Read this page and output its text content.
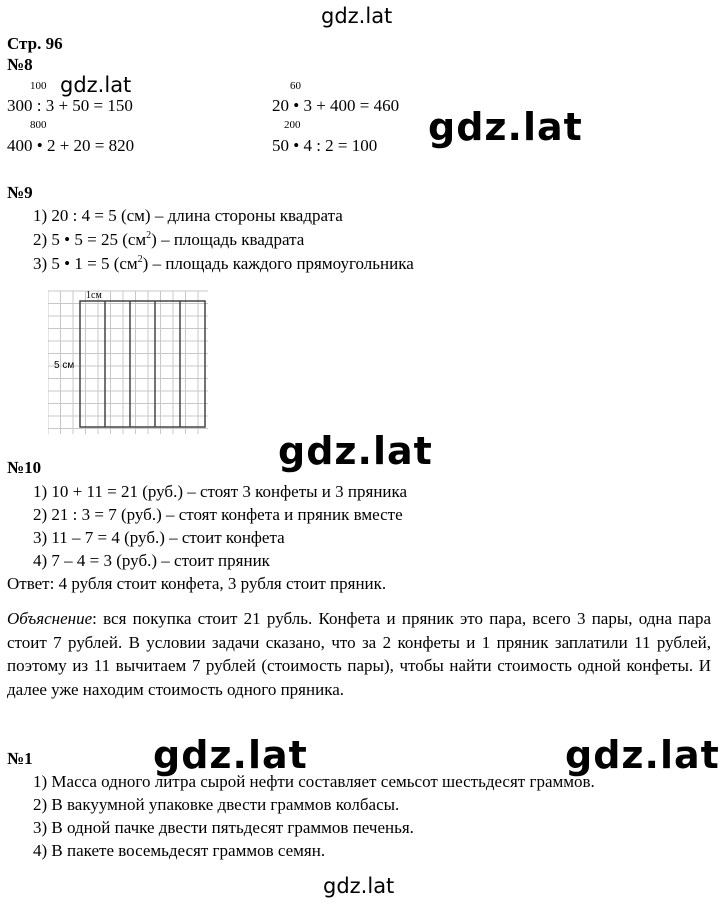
gdz.lat
gdz.lat
gdz.lat
gdz.lat
gdz.lat	gdz.lat
gdz.lat
Стр. 96
№8
100
300 : 3 + 50 = 150
800
400 • 2 + 20 = 820
60
20 • 3 + 400 = 460
200
50 • 4 : 2 = 100
№9
1) 20 : 4 = 5 (см) – длина стороны квадрата
2) 5 • 5 = 25 $(см^2)$ – площадь квадрата
3) 5 • 1 = 5 $(см^2)$ – площадь каждого прямоугольника
1см
5 см
№10
1) 10 + 11 = 21 (руб.) – стоят 3 конфеты и 3 пряника
2) 21 : 3 = 7 (руб.) – стоят конфета и пряник вместе
3) 11 – 7 = 4 (руб.) – стоит конфета
4) 7 – 4 = 3 (руб.) – стоит пряник
Ответ: 4 рубля стоит конфета, 3 рубля стоит пряник.
Объяснение: вся покупка стоит 21 рубль. Конфета и пряник это пара, всего 3 пары, одна пара стоит 7 рублей. В условии задачи сказано, что за 2 конфеты и 1 пряник заплатили 11 рублей, поэтому из 11 вычитаем 7 рублей (стоимость пары), чтобы найти стоимость одной конфеты. И далее уже находим стоимость одного пряника.
№1
1) Масса одного литра сырой нефти составляет семьсот шестьдесят граммов.
2) В вакуумной упаковке двести граммов колбасы.
3) В одной пачке двести пятьдесят граммов печенья.
4) В пакете восемьдесят граммов семян.
